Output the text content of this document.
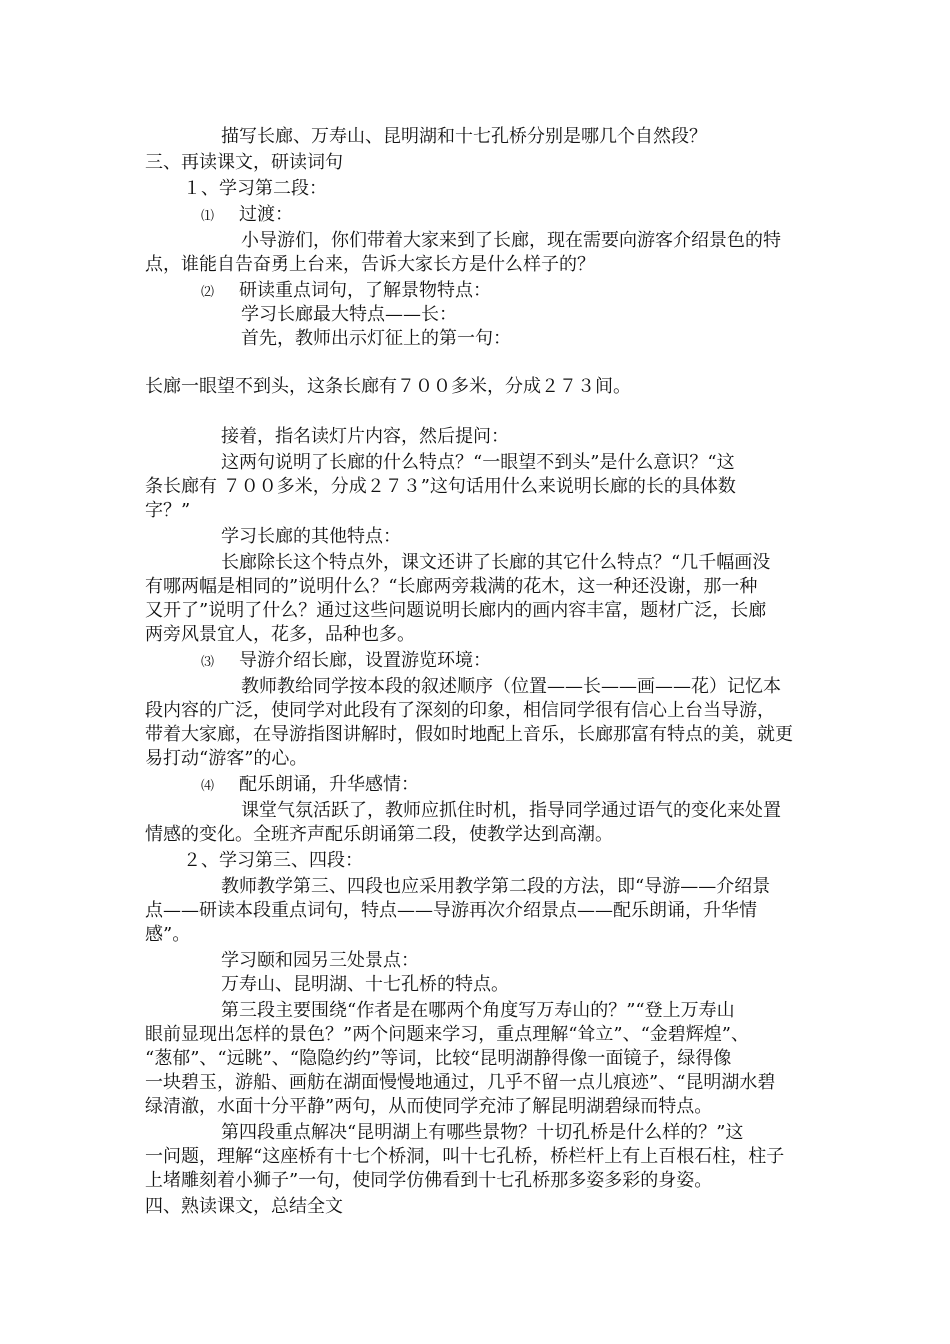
描写长廊、万寿山、昆明湖和十七孔桥分别是哪几个自然段？
三、再读课文，研读词句
１、学习第二段：
⑴ 过渡：
小导游们，你们带着大家来到了长廊，现在需要向游客介绍景色的特
点，谁能自告奋勇上台来，告诉大家长方是什么样子的？
⑵ 研读重点词句，了解景物特点：
学习长廊最大特点——长：
首先，教师出示灯征上的第一句：
长廊一眼望不到头，这条长廊有７００多米，分成２７３间。
接着，指名读灯片内容，然后提问：
这两句说明了长廊的什么特点？“一眼望不到头”是什么意识？“这
条长廊有 ７００多米，分成２７３”这句话用什么来说明长廊的长的具体数
字？”
学习长廊的其他特点：
长廊除长这个特点外，课文还讲了长廊的其它什么特点？“几千幅画没
有哪两幅是相同的”说明什么？“长廊两旁栽满的花木，这一种还没谢，那一种
又开了”说明了什么？通过这些问题说明长廊内的画内容丰富，题材广泛，长廊
两旁风景宜人，花多，品种也多。
⑶ 导游介绍长廊，设置游览环境：
教师教给同学按本段的叙述顺序（位置——长——画——花）记忆本
段内容的广泛，使同学对此段有了深刻的印象，相信同学很有信心上台当导游，
带着大家廊，在导游指图讲解时，假如时地配上音乐，长廊那富有特点的美，就更
易打动“游客”的心。
⑷ 配乐朗诵，升华感情：
课堂气氛活跃了，教师应抓住时机，指导同学通过语气的变化来处置
情感的变化。全班齐声配乐朗诵第二段，使教学达到高潮。
２、学习第三、四段：
教师教学第三、四段也应采用教学第二段的方法，即“导游——介绍景
点——研读本段重点词句，特点——导游再次介绍景点——配乐朗诵，升华情
感”。
学习颐和园另三处景点：
万寿山、昆明湖、十七孔桥的特点。
第三段主要围绕“作者是在哪两个角度写万寿山的？”“登上万寿山
眼前显现出怎样的景色？”两个问题来学习，重点理解“耸立”、“金碧辉煌”、
“葱郁”、“远眺”、“隐隐约约”等词，比较“昆明湖静得像一面镜子，绿得像
一块碧玉，游船、画舫在湖面慢慢地通过，几乎不留一点儿痕迹”、“昆明湖水碧
绿清澈，水面十分平静”两句，从而使同学充沛了解昆明湖碧绿而特点。
第四段重点解决“昆明湖上有哪些景物？十切孔桥是什么样的？”这
一问题，理解“这座桥有十七个桥洞，叫十七孔桥，桥栏杆上有上百根石柱，柱子
上堵雕刻着小狮子”一句，使同学仿佛看到十七孔桥那多姿多彩的身姿。
四、熟读课文，总结全文
